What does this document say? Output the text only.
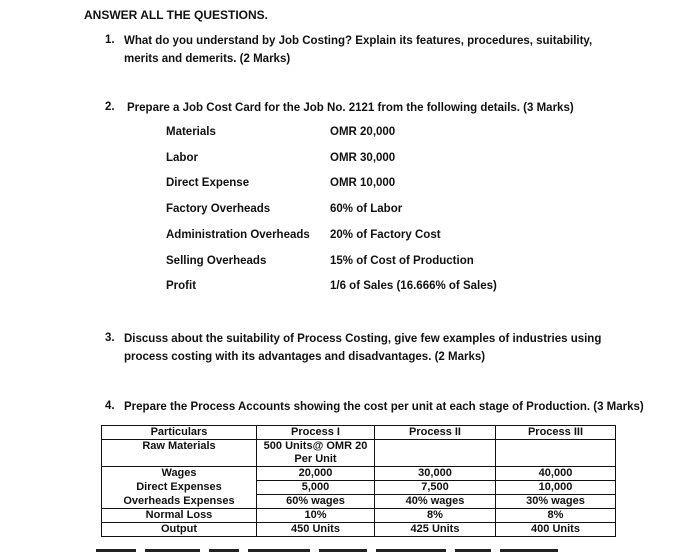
ANSWER ALL THE QUESTIONS.
1. What do you understand by Job Costing? Explain its features, procedures, suitability, merits and demerits. (2 Marks)
2. Prepare a Job Cost Card for the Job No. 2121 from the following details. (3 Marks)
Materials	OMR 20,000
Labor	OMR 30,000
Direct Expense	OMR 10,000
Factory Overheads	60% of Labor
Administration Overheads 20% of Factory Cost
Selling Overheads	15% of Cost of Production
Profit	1/6 of Sales (16.666% of Sales)
3. Discuss about the suitability of Process Costing, give few examples of industries using process costing with its advantages and disadvantages. (2 Marks)
4. Prepare the Process Accounts showing the cost per unit at each stage of Production. (3 Marks)
Particulars	Process I	Process II	Process III
Raw Materials	500 Units@ OMR 20
Per Unit		

Wages	20,000	30,000	40,000
Direct Expenses	5,000	7,500	10,000
Overheads Expenses	60% wages	40% wages	30% wages
Normal Loss	10%	8%	8%
Output	450 Units	425 Units	400 Units
